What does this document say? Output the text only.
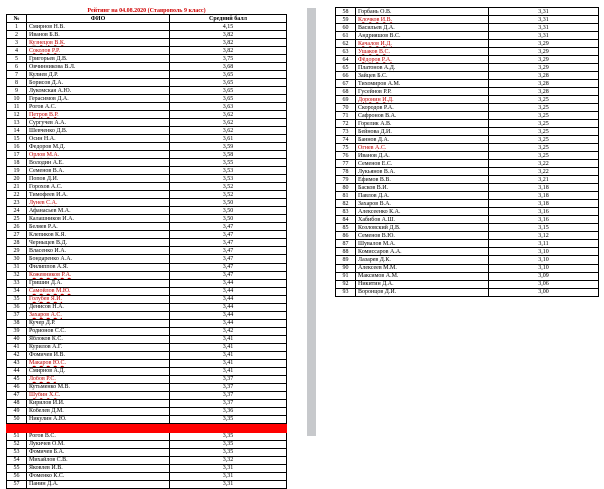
Рейтинг на 04.08.2020 (Ставрополь 9 класс)		
№	ФИО	Средний балл
1	Смирнов Н.В.	4,15
2	Иванов Б.В.	3,82
3	Кузнецов В.К.	3,82
4	Соколов Р.Р.	3,82
5	Григорьев Д.В.	3,75
6	Овчинникова В.Л.	3,68
7	Кулиев Д.Р.	3,65
8	Борисов Д.А.	3,65
9	Лукомская А.Ю.	3,65
10	Герасимов Д.А.	3,65
11	Рогов А.С.	3,63
12	Петров В.Р.	3,62
13	Сургучев А.А.	3,62
14	Шевченко Д.В.	3,62
15	Осин Н.А.	3,61
16	Федоров М.Д.	3,59
17	Орлов М.А.	3,58
18	Володин А.Е.	3,55
19	Семенов В.А.	3,53
20	Попов Д.И.	3,53
21	Горохов А.С.	3,52
22	Тимофеев И.А.	3,52
23	Лунев С.А.	3,50
24	Афанасьев М.А.	3,50
25	Калашников И.А.	3,50
26	Беляев Р.А.	3,47
27	Клепиков К.Я.	3,47
28	Черныцев В.Д.	3,47
29	Власенко И.А.	3,47
30	Бондаренко А.А.	3,47
31	Филиппов А.Я.	3,47
32	Кожевников Р.А.	3,47
33	Гришин Д.А.	3,44
34	Самойлов М.Ю.	3,44
35	Голубев Я.И.	3,44
36	Денисов Н.А.	3,44
37	Захаров А.С.	3,44
38	Кучер Д.Р.	3,44
39	Родионов С.С.	3,42
40	Яблоков К.С.	3,41
41	Курилов А.Г.	3,41
42	Фомичев И.В.	3,41
43	Макаров Ю.С.	3,41
44	Смирнов А.Д.	3,41
45	Лобов Р.С.	3,37
46	Кутьменко М.В.	3,37
47	Шубин Х.С.	3,37
48	Кирилов И.И.	3,37
49	Кобелев Д.М.	3,36
50	Никулин А.Ю.	3,35

51	Рогов В.С.	3,35
52	Лукичев О.М.	3,35
53	Фомичев Б.А.	3,35
54	Михайлов С.В.	3,32
55	Яковлев И.В.	3,31
56	Фоменко К.С.	3,31
57	Панин Д.А.	3,31
58	Горбань О.В.	3,31
59	Клочков И.В.	3,31
60	Васильев Д.А.	3,31
61	Андрияшов В.С.	3,31
62	Качалов И.Д.	3,29
63	Ушаков В.С.	3,29
64	Фёдоров Р.А.	3,29
65	Платонов А.Д.	3,29
66	Зайцев Б.С.	3,28
67	Тихомиров А.М.	3,28
68	Гусейнов Р.Р.	3,28
69	Доронин И.Д.	3,25
70	Скородов Р.А.	3,25
71	Сафронов В.А.	3,25
72	Горелик А.В.	3,25
73	Бейнова Д.И.	3,25
74	Баннов Д.А.	3,25
75	Огнев А.С.	3,25
76	Иванов Д.А.	3,25
77	Семенов Е.С.	3,22
78	Лукьянов В.А.	3,22
79	Ефимов В.В.	3,21
80	Басков В.И.	3,18
81	Павлов Д.А.	3,18
82	Захаров В.А.	3,18
83	Алексеенко К.А.	3,16
84	Хабибов А.Ш.	3,16
85	Козловский Д.В.	3,15
86	Семенов В.Ю.	3,12
87	Шувалов М.А.	3,11
88	Комиссаров А.А.	3,10
89	Лазарев Д.К.	3,10
90	Алексеев М.М.	3,10
91	Максимов А.М.	3,09
92	Никитин Д.А.	3,06
93	Воронцов Д.И.	3,00
